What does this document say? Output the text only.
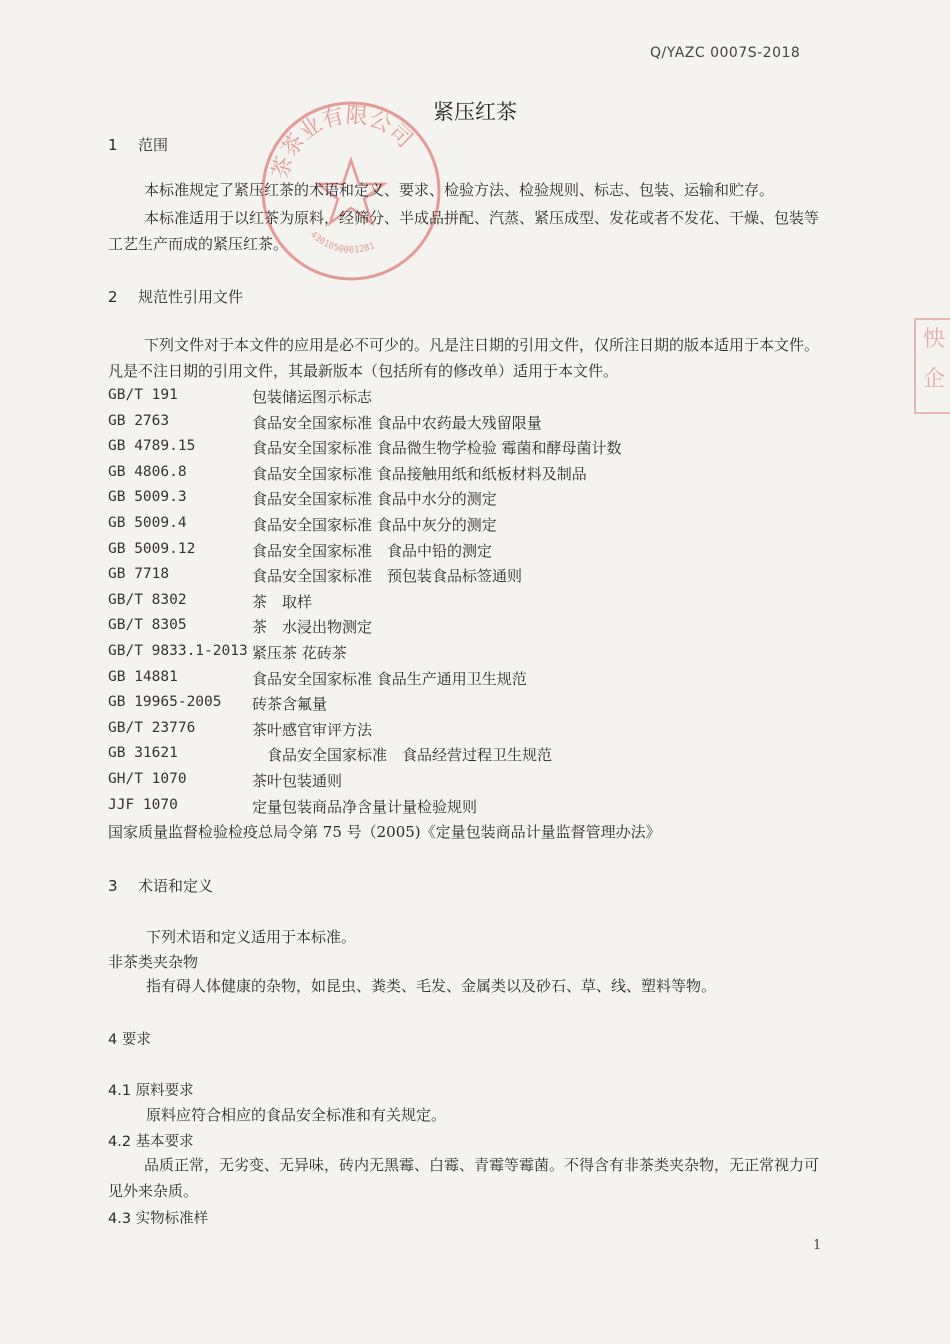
Q/YAZC 0007S-2018
茶茶业有限公司
4301050001281
怏
企
紧压红茶
1 范围
本标准规定了紧压红茶的术语和定义、要求、检验方法、检验规则、标志、包装、运输和贮存。
本标准适用于以红茶为原料，经筛分、半成品拼配、汽蒸、紧压成型、发花或者不发花、干燥、包装等工艺生产而成的紧压红茶。
2 规范性引用文件
下列文件对于本文件的应用是必不可少的。凡是注日期的引用文件，仅所注日期的版本适用于本文件。凡是不注日期的引用文件，其最新版本（包括所有的修改单）适用于本文件。
GB/T 191	包装储运图示标志
GB 2763	食品安全国家标准 食品中农药最大残留限量
GB 4789.15	食品安全国家标准 食品微生物学检验 霉菌和酵母菌计数
GB 4806.8	食品安全国家标准 食品接触用纸和纸板材料及制品
GB 5009.3	食品安全国家标准 食品中水分的测定
GB 5009.4	食品安全国家标准 食品中灰分的测定
GB 5009.12	食品安全国家标准　食品中铅的测定
GB 7718	食品安全国家标准　预包装食品标签通则
GB/T 8302	茶　取样
GB/T 8305	茶　水浸出物测定
GB/T 9833.1-2013 紧压茶 花砖茶
GB 14881	食品安全国家标准 食品生产通用卫生规范
GB 19965-2005 砖茶含氟量
GB/T 23776	茶叶感官审评方法
GB 31621	　食品安全国家标准　食品经营过程卫生规范
GH/T 1070	茶叶包装通则
JJF 1070	定量包装商品净含量计量检验规则
国家质量监督检验检疫总局令第 75 号（2005)《定量包装商品计量监督管理办法》
3 术语和定义
下列术语和定义适用于本标准。
非茶类夹杂物
指有碍人体健康的杂物，如昆虫、粪类、毛发、金属类以及砂石、草、线、塑料等物。
4 要求
4.1 原料要求
原料应符合相应的食品安全标准和有关规定。
4.2 基本要求
品质正常，无劣变、无异味，砖内无黑霉、白霉、青霉等霉菌。不得含有非茶类夹杂物，无正常视力可见外来杂质。
4.3 实物标准样
1
